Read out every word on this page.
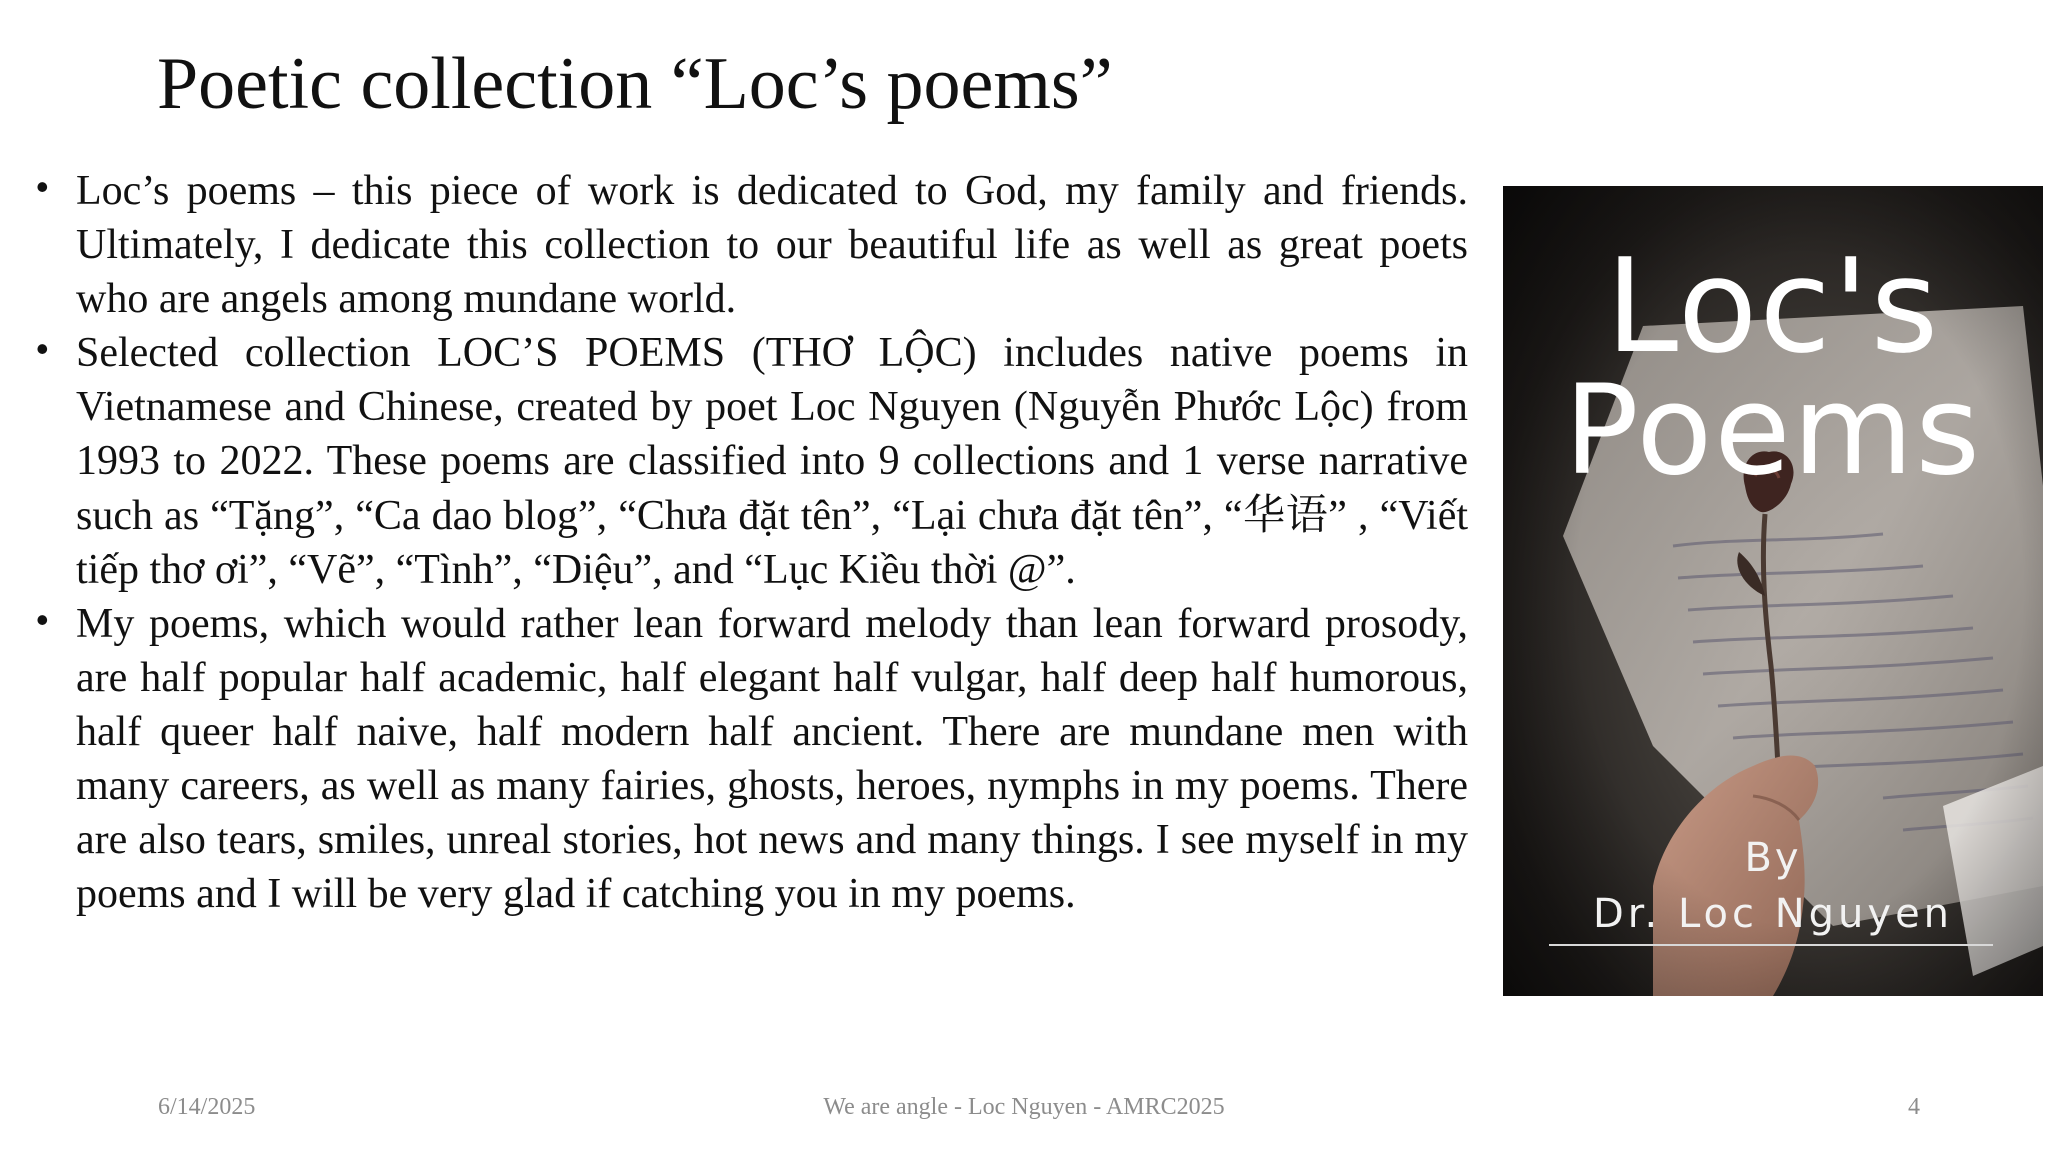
Poetic collection “Loc’s poems”
• Loc’s poems – this piece of work is dedicated to God, my family and friends. Ultimately, I dedicate this collection to our beautiful life as well as great poets who are angels among mundane world.
• Selected collection LOC’S POEMS (THƠ LỘC) includes native poems in Vietnamese and Chinese, created by poet Loc Nguyen (Nguyễn Phước Lộc) from 1993 to 2022. These poems are classified into 9 collections and 1 verse narrative such as “Tặng”, “Ca dao blog”, “Chưa đặt tên”, “Lại chưa đặt tên”, “华语” , “Viết tiếp thơ ơi”, “Vẽ”, “Tình”, “Diệu”, and “Lục Kiều thời @”.
• My poems, which would rather lean forward melody than lean forward prosody, are half popular half academic, half elegant half vulgar, half deep half humorous, half queer half naive, half modern half ancient. There are mundane men with many careers, as well as many fairies, ghosts, heroes, nymphs in my poems. There are also tears, smiles, unreal stories, hot news and many things. I see myself in my poems and I will be very glad if catching you in my poems.
Loc's
Poems
By
Dr. Loc Nguyen
6/14/2025	We are angle - Loc Nguyen - AMRC2025	4
